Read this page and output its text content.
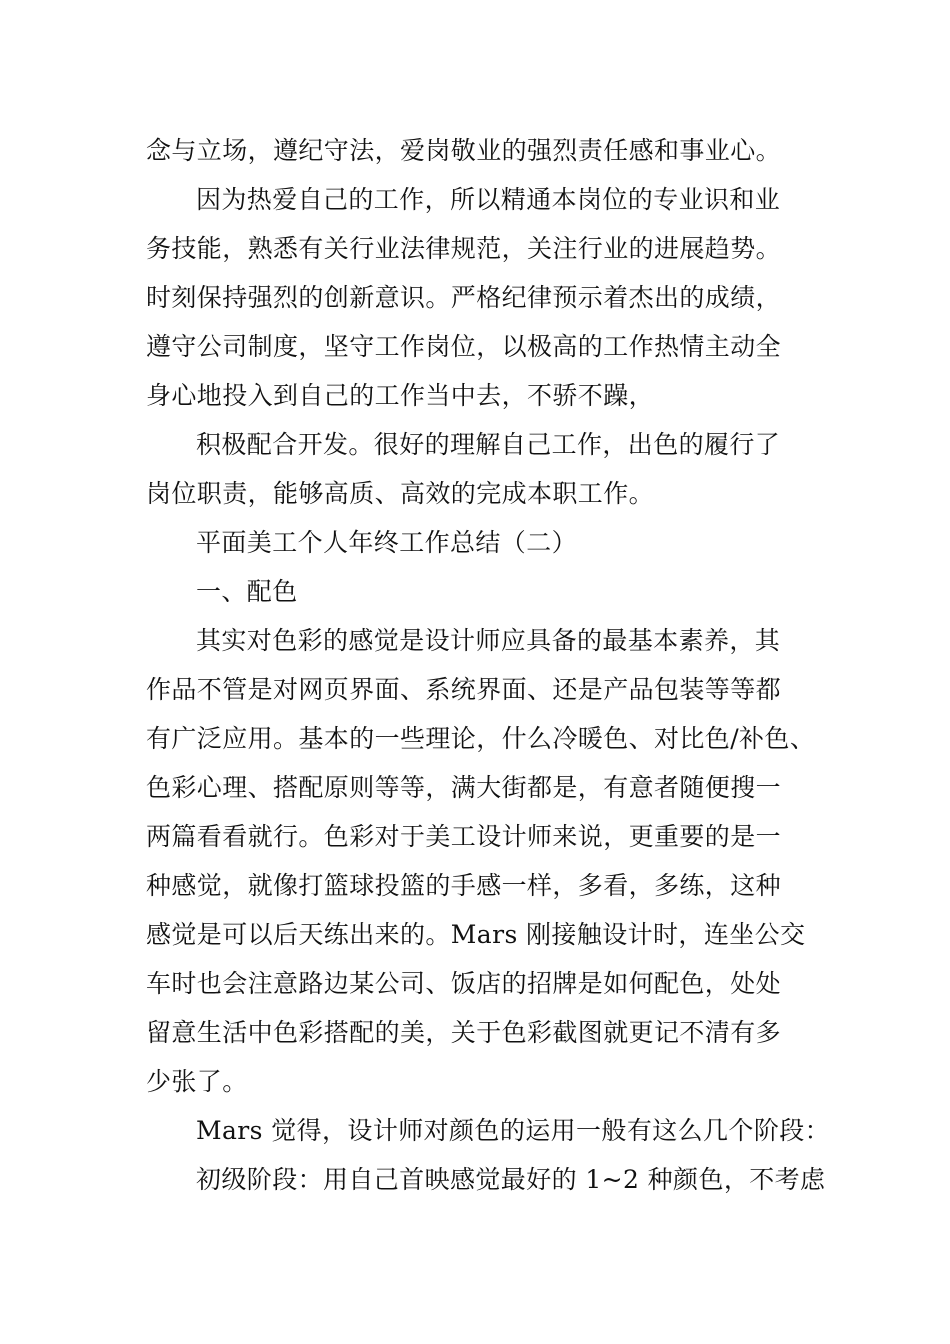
念与立场，遵纪守法，爱岗敬业的强烈责任感和事业心。
因为热爱自己的工作，所以精通本岗位的专业识和业
务技能，熟悉有关行业法律规范，关注行业的进展趋势。
时刻保持强烈的创新意识。严格纪律预示着杰出的成绩，
遵守公司制度，坚守工作岗位，以极高的工作热情主动全
身心地投入到自己的工作当中去，不骄不躁，
积极配合开发。很好的理解自己工作，出色的履行了
岗位职责，能够高质、高效的完成本职工作。
平面美工个人年终工作总结（二）
一、配色
其实对色彩的感觉是设计师应具备的最基本素养，其
作品不管是对网页界面、系统界面、还是产品包装等等都
有广泛应用。基本的一些理论，什么冷暖色、对比色/补色、
色彩心理、搭配原则等等，满大街都是，有意者随便搜一
两篇看看就行。色彩对于美工设计师来说，更重要的是一
种感觉，就像打篮球投篮的手感一样，多看，多练，这种
感觉是可以后天练出来的。Mars 刚接触设计时，连坐公交
车时也会注意路边某公司、饭店的招牌是如何配色，处处
留意生活中色彩搭配的美，关于色彩截图就更记不清有多
少张了。
Mars 觉得，设计师对颜色的运用一般有这么几个阶段：
初级阶段：用自己首映感觉最好的 1~2 种颜色，不考虑
